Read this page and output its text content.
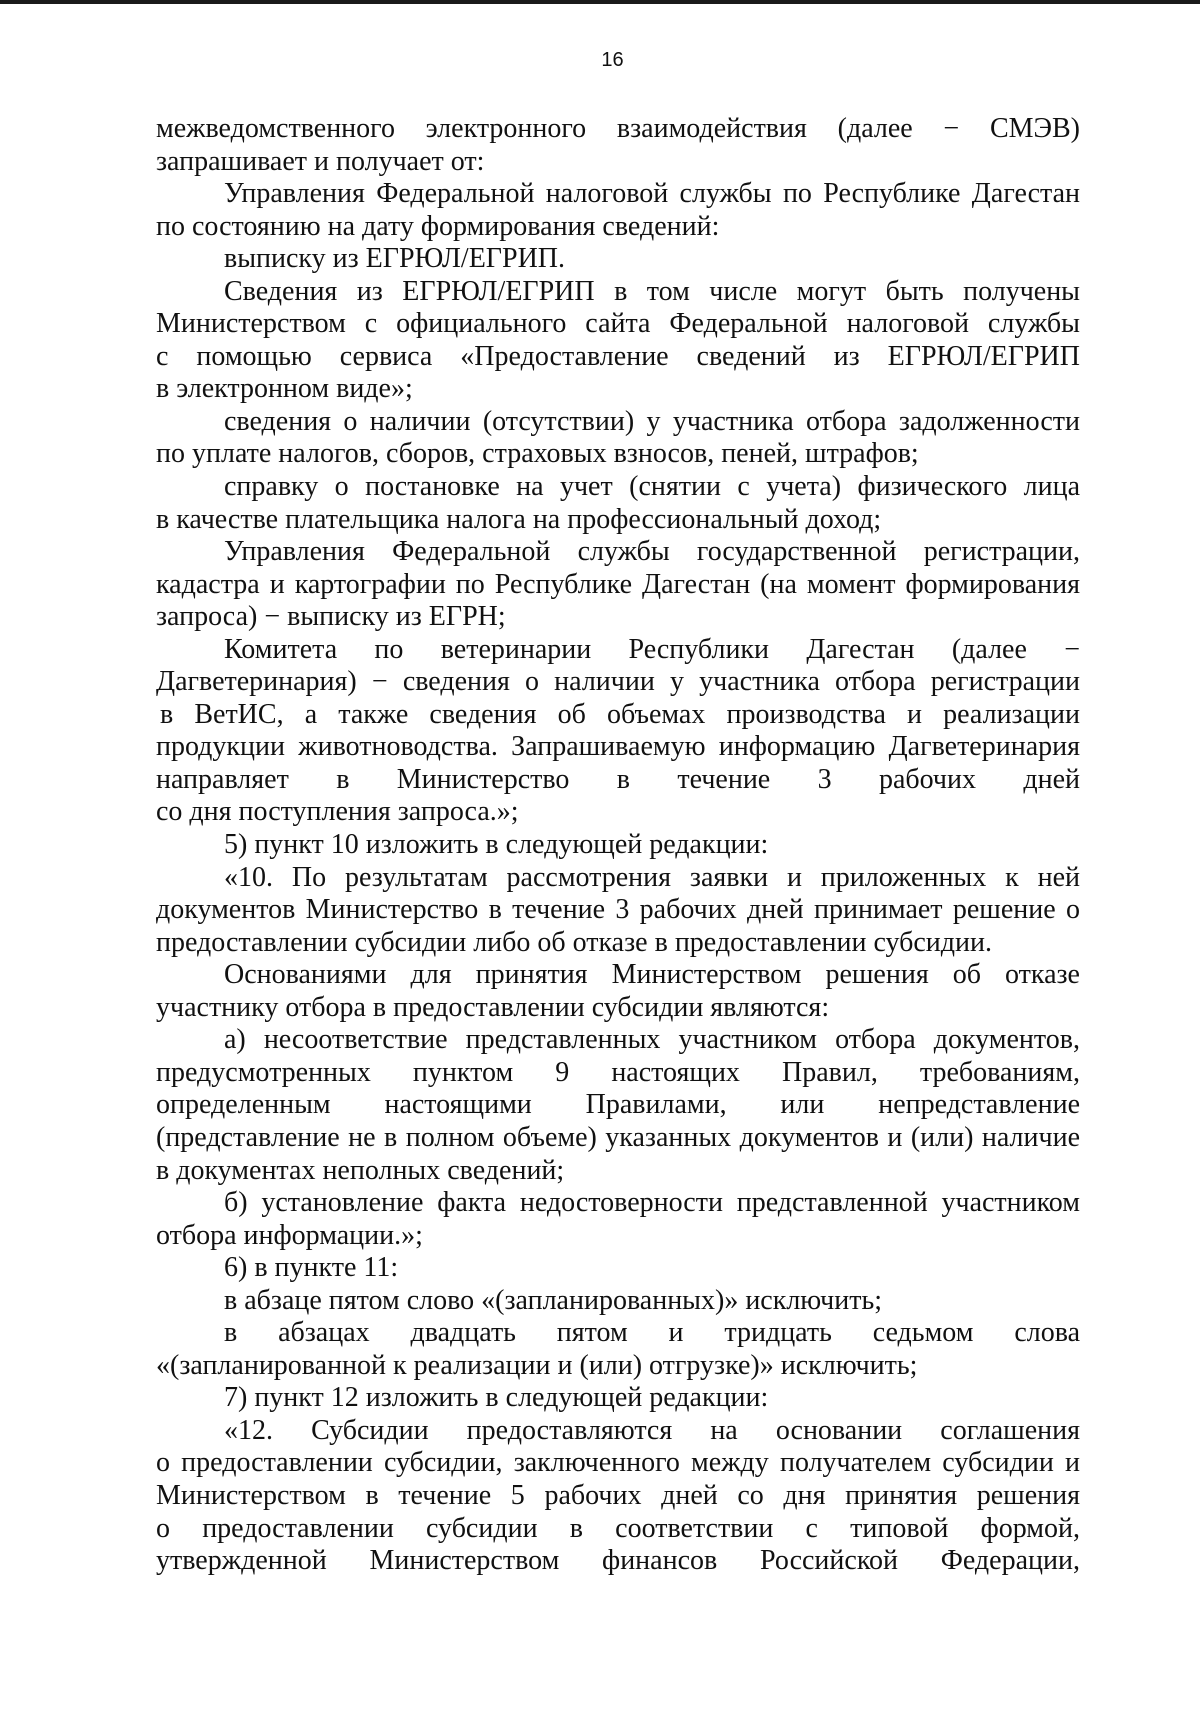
16
межведомственного электронного взаимодействия (далее − СМЭВ)
запрашивает и получает от:
Управления Федеральной налоговой службы по Республике Дагестан
по состоянию на дату формирования сведений:
выписку из ЕГРЮЛ/ЕГРИП.
Сведения из ЕГРЮЛ/ЕГРИП в том числе могут быть получены
Министерством с официального сайта Федеральной налоговой службы
с помощью сервиса «Предоставление сведений из ЕГРЮЛ/ЕГРИП
в электронном виде»;
сведения о наличии (отсутствии) у участника отбора задолженности
по уплате налогов, сборов, страховых взносов, пеней, штрафов;
справку о постановке на учет (снятии с учета) физического лица
в качестве плательщика налога на профессиональный доход;
Управления Федеральной службы государственной регистрации,
кадастра и картографии по Республике Дагестан (на момент формирования
запроса) − выписку из ЕГРН;
Комитета по ветеринарии Республики Дагестан (далее −
Дагветеринария) − сведения о наличии у участника отбора регистрации
в ВетИС, а также сведения об объемах производства и реализации
продукции животноводства. Запрашиваемую информацию Дагветеринария
направляет в Министерство в течение 3 рабочих дней
со дня поступления запроса.»;
5) пункт 10 изложить в следующей редакции:
«10. По результатам рассмотрения заявки и приложенных к ней
документов Министерство в течение 3 рабочих дней принимает решение о
предоставлении субсидии либо об отказе в предоставлении субсидии.
Основаниями для принятия Министерством решения об отказе
участнику отбора в предоставлении субсидии являются:
а) несоответствие представленных участником отбора документов,
предусмотренных пунктом 9 настоящих Правил, требованиям,
определенным настоящими Правилами, или непредставление
(представление не в полном объеме) указанных документов и (или) наличие
в документах неполных сведений;
б) установление факта недостоверности представленной участником
отбора информации.»;
6) в пункте 11:
в абзаце пятом слово «(запланированных)» исключить;
в абзацах двадцать пятом и тридцать седьмом слова
«(запланированной к реализации и (или) отгрузке)» исключить;
7) пункт 12 изложить в следующей редакции:
«12. Субсидии предоставляются на основании соглашения
о предоставлении субсидии, заключенного между получателем субсидии и
Министерством в течение 5 рабочих дней со дня принятия решения
о предоставлении субсидии в соответствии с типовой формой,
утвержденной Министерством финансов Российской Федерации,
